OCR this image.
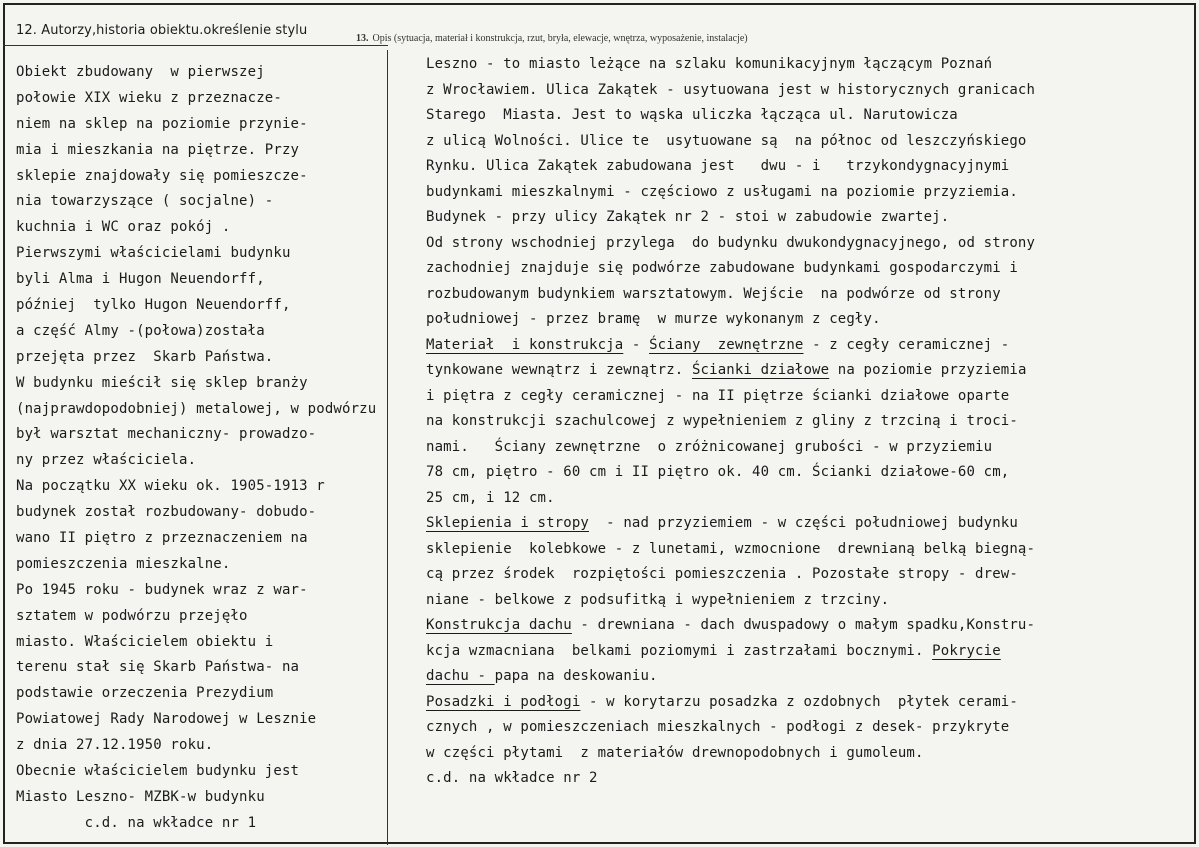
12. Autorzy,historia obiektu.określenie stylu
13. Opis (sytuacja, materiał i konstrukcja, rzut, bryła, elewacje, wnętrza, wyposażenie, instalacje)
Obiekt zbudowany  w pierwszej
połowie XIX wieku z przeznacze-
niem na sklep na poziomie przynie-
mia i mieszkania na piętrze. Przy
sklepie znajdowały się pomieszcze-
nia towarzyszące ( socjalne) -
kuchnia i WC oraz pokój .
Pierwszymi właścicielami budynku
byli Alma i Hugon Neuendorff,
później  tylko Hugon Neuendorff,
a część Almy -(połowa)została
przejęta przez  Skarb Państwa.
W budynku mieścił się sklep branży
(najprawdopodobniej) metalowej, w podwórzu
był warsztat mechaniczny- prowadzo-
ny przez właściciela.
Na początku XX wieku ok. 1905-1913 r
budynek został rozbudowany- dobudo-
wano II piętro z przeznaczeniem na
pomieszczenia mieszkalne.
Po 1945 roku - budynek wraz z war-
sztatem w podwórzu przejęło
miasto. Właścicielem obiektu i
terenu stał się Skarb Państwa- na
podstawie orzeczenia Prezydium
Powiatowej Rady Narodowej w Lesznie
z dnia 27.12.1950 roku.
Obecnie właścicielem budynku jest
Miasto Leszno- MZBK-w budynku
c.d. na wkładce nr 1
Leszno - to miasto leżące na szlaku komunikacyjnym łączącym Poznań
z Wrocławiem. Ulica Zakątek - usytuowana jest w historycznych granicach
Starego  Miasta. Jest to wąska uliczka łącząca ul. Narutowicza
z ulicą Wolności. Ulice te  usytuowane są  na północ od leszczyńskiego
Rynku. Ulica Zakątek zabudowana jest   dwu - i   trzykondygnacyjnymi
budynkami mieszkalnymi - częściowo z usługami na poziomie przyziemia.
Budynek - przy ulicy Zakątek nr 2 - stoi w zabudowie zwartej.
Od strony wschodniej przylega  do budynku dwukondygnacyjnego, od strony
zachodniej znajduje się podwórze zabudowane budynkami gospodarczymi i
rozbudowanym budynkiem warsztatowym. Wejście  na podwórze od strony
południowej - przez bramę  w murze wykonanym z cegły.
Materiał  i konstrukcja - Ściany  zewnętrzne - z cegły ceramicznej -
tynkowane wewnątrz i zewnątrz. Ścianki działowe na poziomie przyziemia
i piętra z cegły ceramicznej - na II piętrze ścianki działowe oparte
na konstrukcji szachulcowej z wypełnieniem z gliny z trzciną i troci-
nami.   Ściany zewnętrzne  o zróżnicowanej grubości - w przyziemiu
78 cm, piętro - 60 cm i II piętro ok. 40 cm. Ścianki działowe-60 cm,
25 cm, i 12 cm.
Sklepienia i stropy  - nad przyziemiem - w części południowej budynku
sklepienie  kolebkowe - z lunetami, wzmocnione  drewnianą belką biegną-
cą przez środek  rozpiętości pomieszczenia . Pozostałe stropy - drew-
niane - belkowe z podsufitką i wypełnieniem z trzciny.
Konstrukcja dachu - drewniana - dach dwuspadowy o małym spadku,Konstru-
kcja wzmacniana  belkami poziomymi i zastrzałami bocznymi. Pokrycie
dachu - papa na deskowaniu.
Posadzki i podłogi - w korytarzu posadzka z ozdobnych  płytek cerami-
cznych , w pomieszczeniach mieszkalnych - podłogi z desek- przykryte
w części płytami  z materiałów drewnopodobnych i gumoleum.
c.d. na wkładce nr 2
